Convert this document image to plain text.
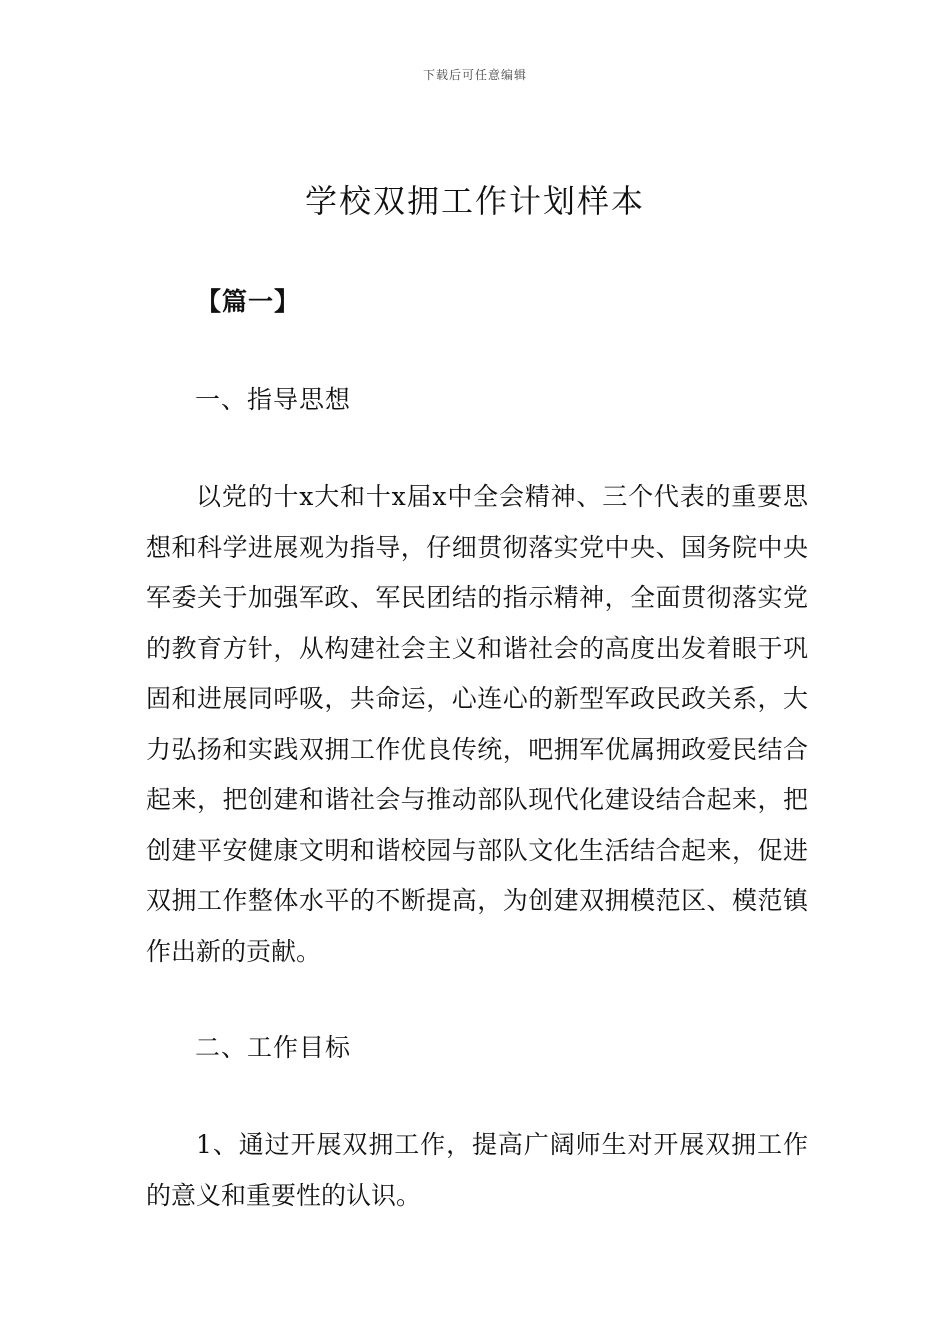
下载后可任意编辑
学校双拥工作计划样本
【篇一】
一、指导思想

以党的十x大和十x届x中全会精神、三个代表的重要思想和科学进展观为指导，仔细贯彻落实党中央、国务院中央军委关于加强军政、军民团结的指示精神，全面贯彻落实党的教育方针，从构建社会主义和谐社会的高度出发着眼于巩固和进展同呼吸，共命运，心连心的新型军政民政关系，大力弘扬和实践双拥工作优良传统，吧拥军优属拥政爱民结合起来，把创建和谐社会与推动部队现代化建设结合起来，把创建平安健康文明和谐校园与部队文化生活结合起来，促进双拥工作整体水平的不断提高，为创建双拥模范区、模范镇作出新的贡献。

二、工作目标

1、通过开展双拥工作，提高广阔师生对开展双拥工作的意义和重要性的认识。
